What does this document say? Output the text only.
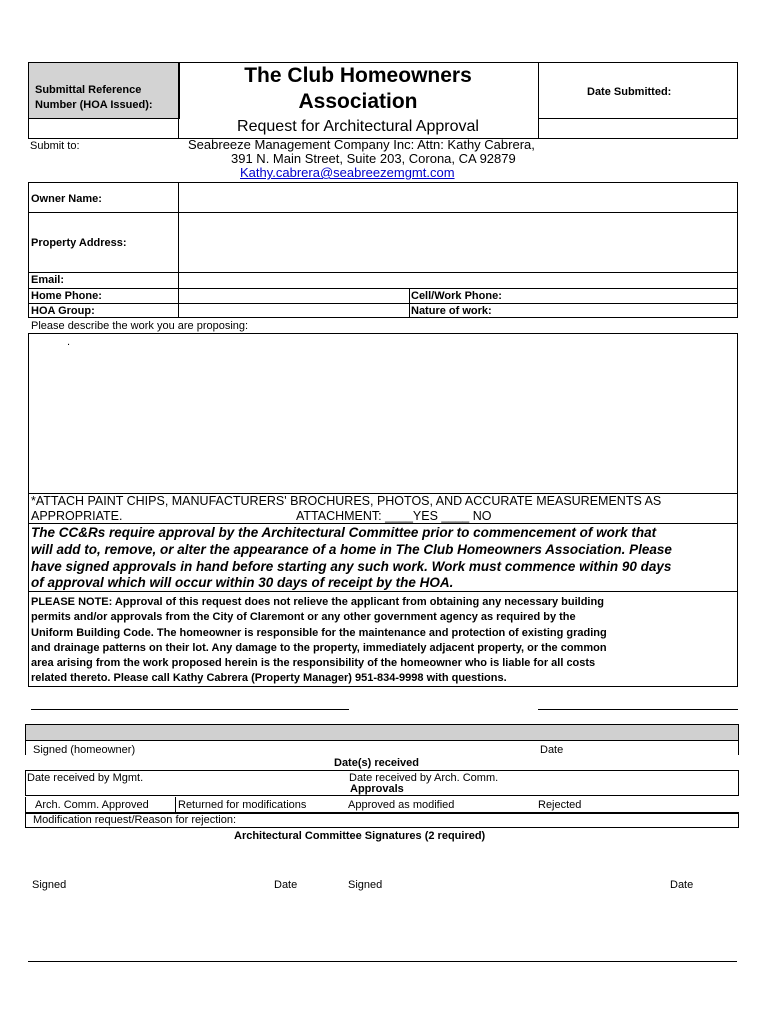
Submittal Reference
Number (HOA Issued):
The Club Homeowners
Association	Date Submitted:
Request for Architectural Approval
Submit to:	Seabreeze Management Company Inc: Attn: Kathy Cabrera,
391 N. Main Street, Suite 203, Corona, CA 92879
Kathy.cabrera@seabreezemgmt.com
Owner Name:
Property Address:
Email:
Home Phone:	Cell/Work Phone:
HOA Group:	Nature of work:
Please describe the work you are proposing:
.
*ATTACH PAINT CHIPS, MANUFACTURERS' BROCHURES, PHOTOS, AND ACCURATE MEASUREMENTS AS
APPROPRIATE.	ATTACHMENT: ____YES ____ NO
The CC&Rs require approval by the Architectural Committee prior to commencement of work that
will add to, remove, or alter the appearance of a home in The Club Homeowners Association. Please
have signed approvals in hand before starting any such work. Work must commence within 90 days
of approval which will occur within 30 days of receipt by the HOA.
PLEASE NOTE: Approval of this request does not relieve the applicant from obtaining any necessary building
permits and/or approvals from the City of Claremont or any other government agency as required by the
Uniform Building Code. The homeowner is responsible for the maintenance and protection of existing grading
and drainage patterns on their lot. Any damage to the property, immediately adjacent property, or the common
area arising from the work proposed herein is the responsibility of the homeowner who is liable for all costs
related thereto. Please call Kathy Cabrera (Property Manager) 951-834-9998 with questions.
Signed (homeowner)	Date
Date(s) received
Date received by Mgmt.	Date received by Arch. Comm.
Approvals
Arch. Comm. Approved	Returned for modifications	Approved as modified	Rejected
Modification request/Reason for rejection:
Architectural Committee Signatures (2 required)
Signed	Date	Signed	Date
